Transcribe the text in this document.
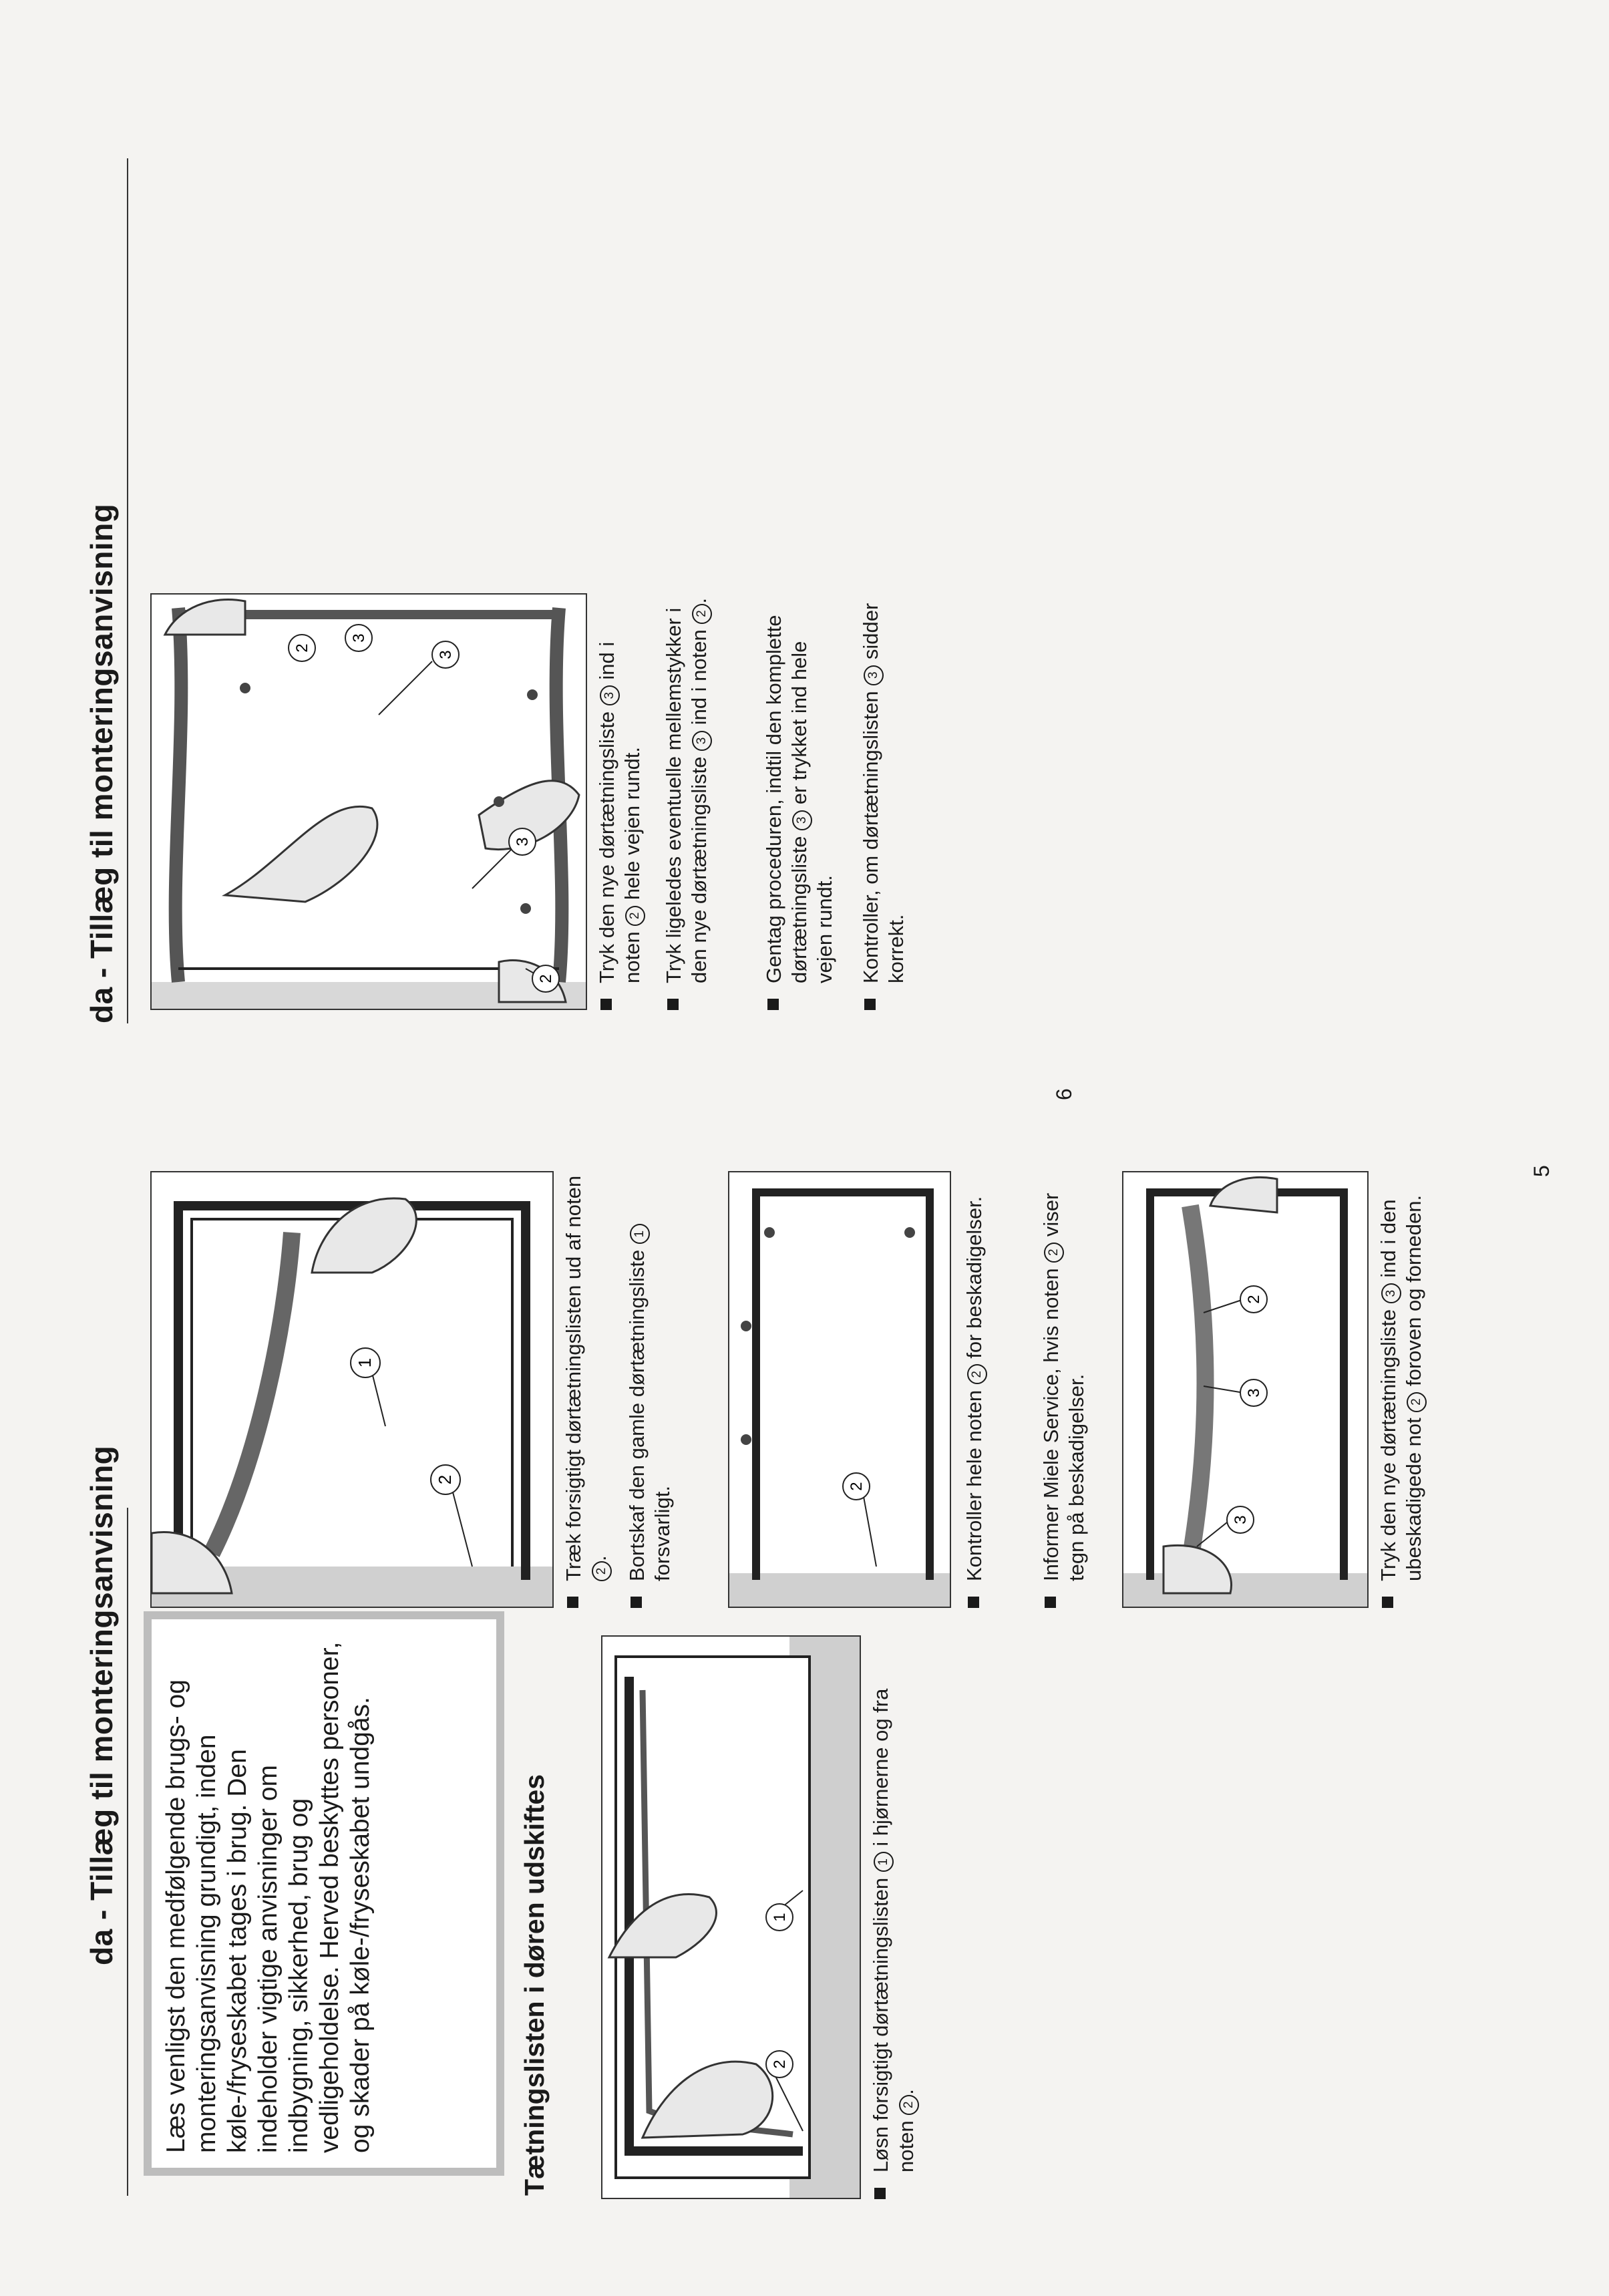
da - Tillæg til monteringsanvisning	Læs venligst den medfølgende brugs- og monteringsanvisning grundigt, inden køle-/fryseskabet tages i brug. Den indeholder vigtige anvisninger om indbygning, sikkerhed, brug og vedligeholdelse. Herved beskyttes personer, og skader på køle-/fryseskabet undgås.	Tætningslisten i døren udskiftes	2
1	Løsn forsigtigt dørtætningslisten 1 i hjørnerne og fra noten 2.
2
1	Træk forsigtigt dørtætningslisten ud af noten 2. Bortskaf den gamle dørtætningsliste 1 forsvarligt.	2	Kontroller hele noten 2 for beskadigelser.	Informer Miele Service, hvis noten 2 viser tegn på beskadigelser.
2
3
3	Tryk den nye dørtætningsliste 3 ind i den ubeskadigede not 2 foroven og forneden.
5
da - Tillæg til monteringsanvisning	2
3
3
2
3
Tryk den nye dørtætningsliste 3 ind i noten 2 hele vejen rundt. Tryk ligeledes eventuelle mellemstykker i den nye dørtætningsliste 3 ind i noten 2.
Gentag proceduren, indtil den komplette dørtætningsliste 3 er trykket ind hele vejen rundt. Kontroller, om dørtætningslisten 3 sidder korrekt.
6
